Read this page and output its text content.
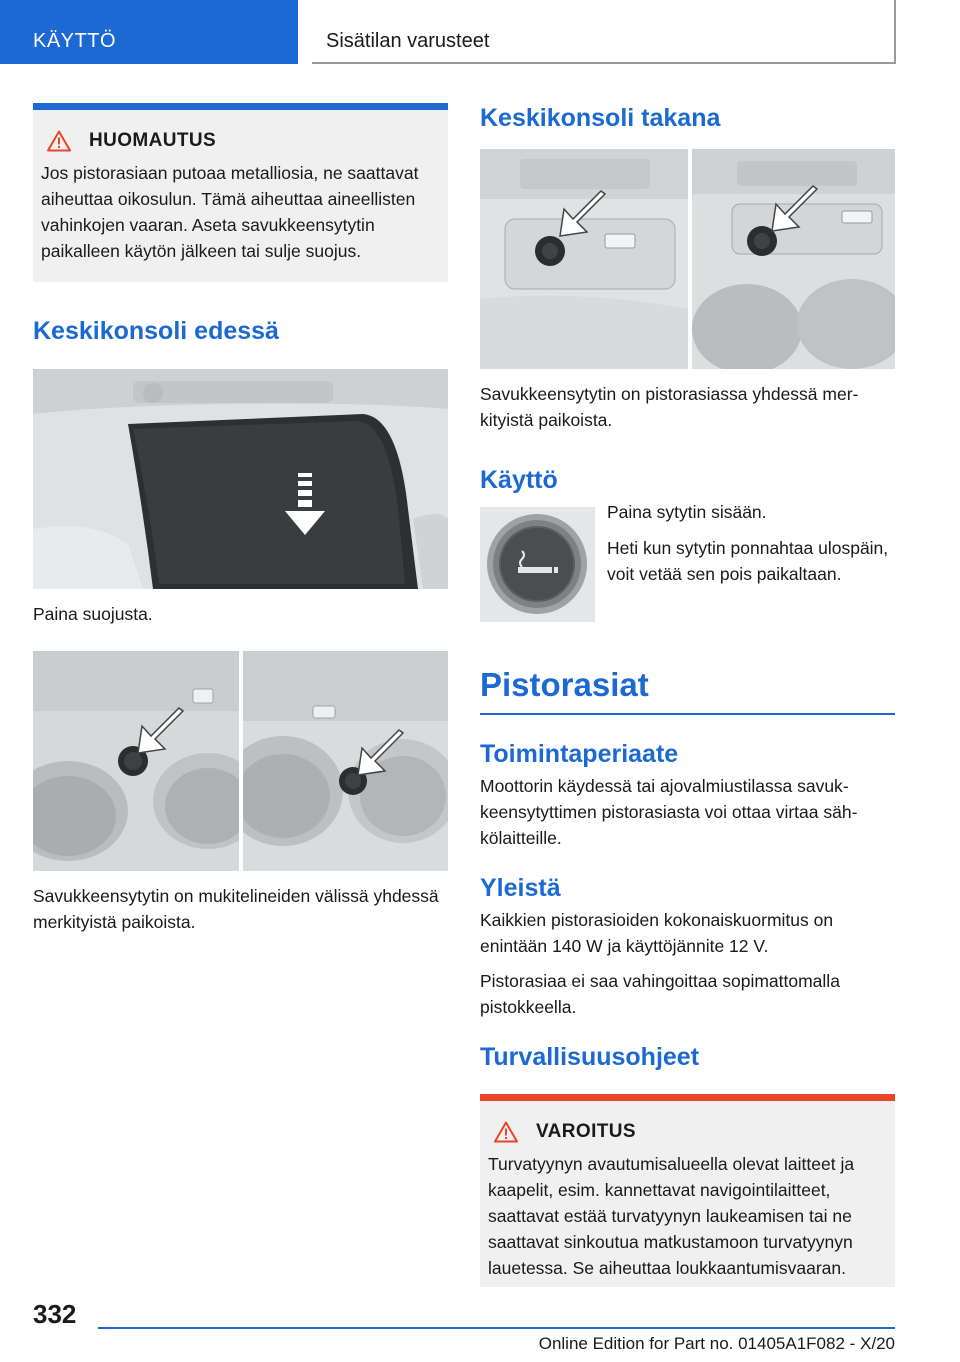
KÄYTTÖ	Sisätilan varusteet
HUOMAUTUS
Jos pistorasiaan putoaa metalliosia, ne saattavat aiheuttaa oikosulun. Tämä aiheuttaa aineellisten vahinkojen vaaran. Aseta savukkeensytytin paikalleen käytön jälkeen tai sulje suojus.
Keskikonsoli edessä

Paina suojusta.

Savukkeensytytin on mukitelineiden välissä yhdessä merkityistä paikoista.

Keskikonsoli takana

Savukkeensytytin on pistorasiassa yhdessä merkityistä paikoista.

Käyttö

Paina sytytin sisään.

Heti kun sytytin ponnahtaa ulospäin, voit vetää sen pois paikaltaan.

Pistorasiat
Toimintaperiaate

Moottorin käydessä tai ajovalmiustilassa savukkeensytyttimen pistorasiasta voi ottaa virtaa sähkölaitteille.

Yleistä

Kaikkien pistorasioiden kokonaiskuormitus on enintään 140 W ja käyttöjännite 12 V.

Pistorasiaa ei saa vahingoittaa sopimattomalla pistokkeella.

Turvallisuusohjeet
VAROITUS
Turvatyynyn avautumisalueella olevat laitteet ja kaapelit, esim. kannettavat navigointilaitteet, saattavat estää turvatyynyn laukeamisen tai ne saattavat sinkoutua matkustamoon turvatyynyn lauetessa. Se aiheuttaa loukkaantumisvaaran.
332
Online Edition for Part no. 01405A1F082 - X/20
